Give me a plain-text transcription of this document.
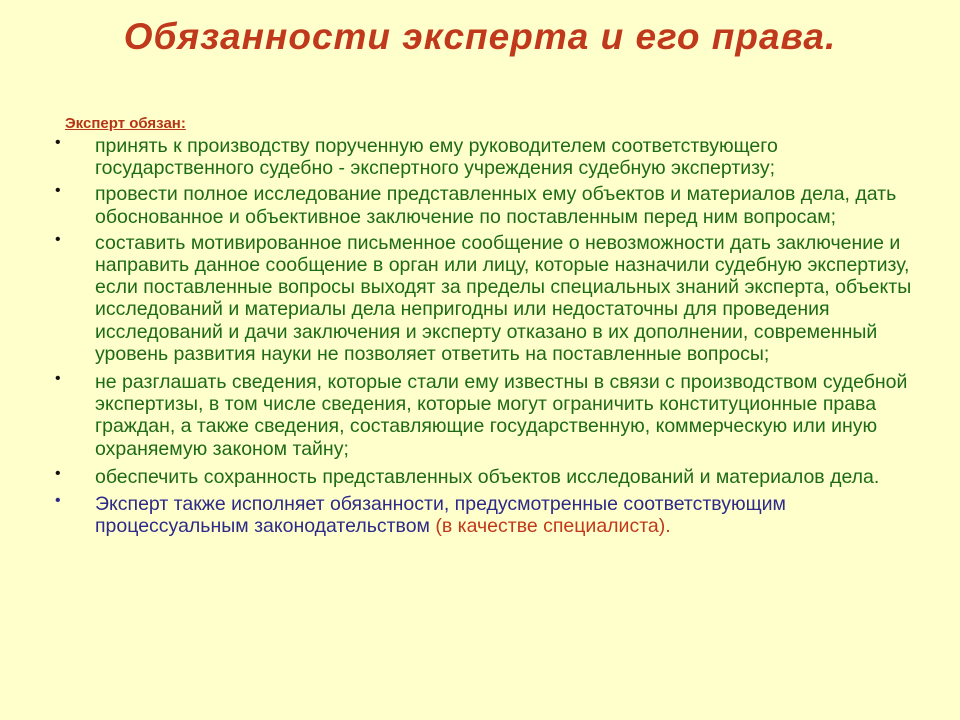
Обязанности эксперта и его права.
Эксперт обязан:
• принять к производству порученную ему руководителем соответствующего государственного судебно - экспертного учреждения судебную экспертизу;
• провести полное исследование представленных ему объектов и материалов дела, дать обоснованное и объективное заключение по поставленным перед ним вопросам;
• составить мотивированное письменное сообщение о невозможности дать заключение и направить данное сообщение в орган или лицу, которые назначили судебную экспертизу, если поставленные вопросы выходят за пределы специальных знаний эксперта, объекты исследований и материалы дела непригодны или недостаточны для проведения исследований и дачи заключения и эксперту отказано в их дополнении, современный уровень развития науки не позволяет ответить на поставленные вопросы;
• не разглашать сведения, которые стали ему известны в связи с производством судебной экспертизы, в том числе сведения, которые могут ограничить конституционные права граждан, а также сведения, составляющие государственную, коммерческую или иную охраняемую законом тайну;
• обеспечить сохранность представленных объектов исследований и материалов дела.
• Эксперт также исполняет обязанности, предусмотренные соответствующим процессуальным законодательством (в качестве специалиста).
